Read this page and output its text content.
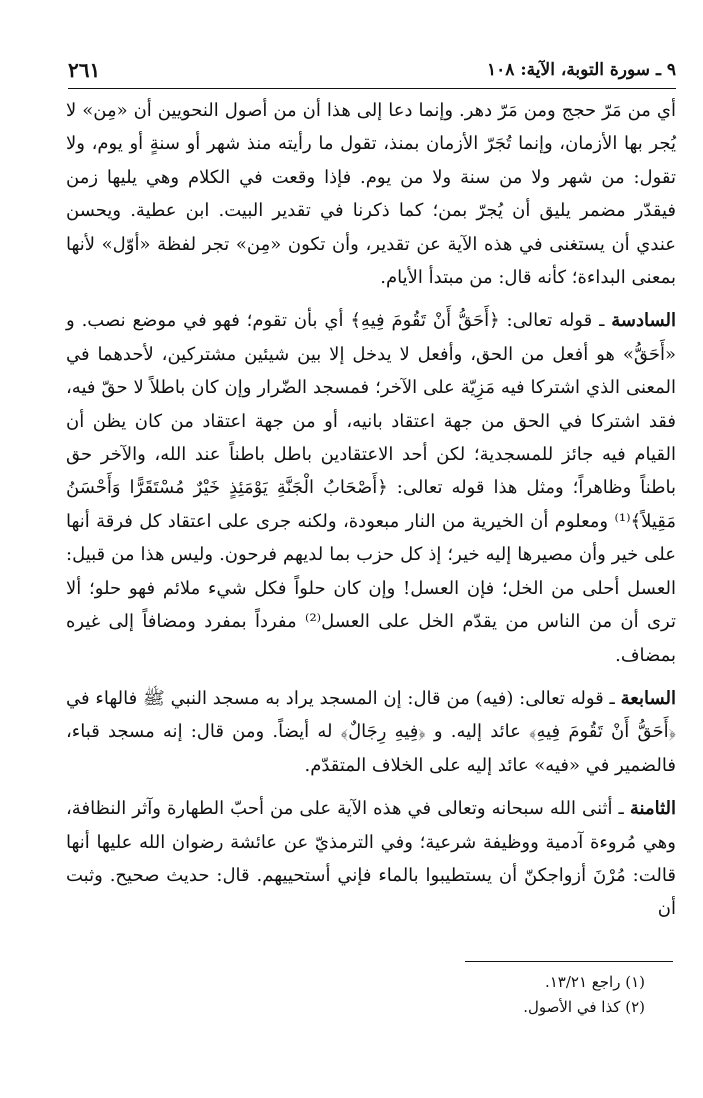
٩ ـ سورة التوبة، الآية: ١٠٨
٢٦١

أي من مَرّ حجج ومن مَرّ دهر. وإنما دعا إلى هذا أن من أصول النحويين أن «مِن» لا يُجر بها الأزمان، وإنما تُجَرّ الأزمان بمنذ، تقول ما رأيته منذ شهر أو سنةٍ أو يوم، ولا تقول: من شهر ولا من سنة ولا من يوم. فإذا وقعت في الكلام وهي يليها زمن فيقدّر مضمر يليق أن يُجرّ بمن؛ كما ذكرنا في تقدير البيت. ابن عطية. ويحسن عندي أن يستغنى في هذه الآية عن تقدير، وأن تكون «مِن» تجر لفظة «أوّل» لأنها بمعنى البداءة؛ كأنه قال: من مبتدأ الأيام.

السادسة ـ قوله تعالى: ﴿أَحَقُّ أَنْ تَقُومَ فِيهِ﴾ أي بأن تقوم؛ فهو في موضع نصب. و «أَحَقُّ» هو أفعل من الحق، وأفعل لا يدخل إلا بين شيئين مشتركين، لأحدهما في المعنى الذي اشتركا فيه مَزِيّة على الآخر؛ فمسجد الضّرار وإن كان باطلاً لا حقّ فيه، فقد اشتركا في الحق من جهة اعتقاد بانيه، أو من جهة اعتقاد من كان يظن أن القيام فيه جائز للمسجدية؛ لكن أحد الاعتقادين باطل باطناً عند الله، والآخر حق باطناً وظاهراً؛ ومثل هذا قوله تعالى: ﴿أَصْحَابُ الْجَنَّةِ يَوْمَئِذٍ خَيْرٌ مُسْتَقَرًّا وَأَحْسَنُ مَقِيلاً﴾⁽¹⁾ ومعلوم أن الخيرية من النار مبعودة، ولكنه جرى على اعتقاد كل فرقة أنها على خير وأن مصيرها إليه خير؛ إذ كل حزب بما لديهم فرحون. وليس هذا من قبيل: العسل أحلى من الخل؛ فإن العسل! وإن كان حلواً فكل شيء ملائم فهو حلو؛ ألا ترى أن من الناس من يقدّم الخل على العسل⁽²⁾ مفرداً بمفرد ومضافاً إلى غيره بمضاف.

السابعة ـ قوله تعالى: (فيه) من قال: إن المسجد يراد به مسجد النبي ﷺ فالهاء في ﴿أَحَقُّ أَنْ تَقُومَ فِيهِ﴾ عائد إليه. و ﴿فِيهِ رِجَالٌ﴾ له أيضاً. ومن قال: إنه مسجد قباء، فالضمير في «فيه» عائد إليه على الخلاف المتقدّم.

الثامنة ـ أثنى الله سبحانه وتعالى في هذه الآية على من أحبّ الطهارة وآثر النظافة، وهي مُروءة آدمية ووظيفة شرعية؛ وفي الترمذيّ عن عائشة رضوان الله عليها أنها قالت: مُرْنَ أزواجكنّ أن يستطيبوا بالماء فإني أستحييهم. قال: حديث صحيح. وثبت أن

(١) راجع ١٣/٢١.
(٢) كذا في الأصول.
